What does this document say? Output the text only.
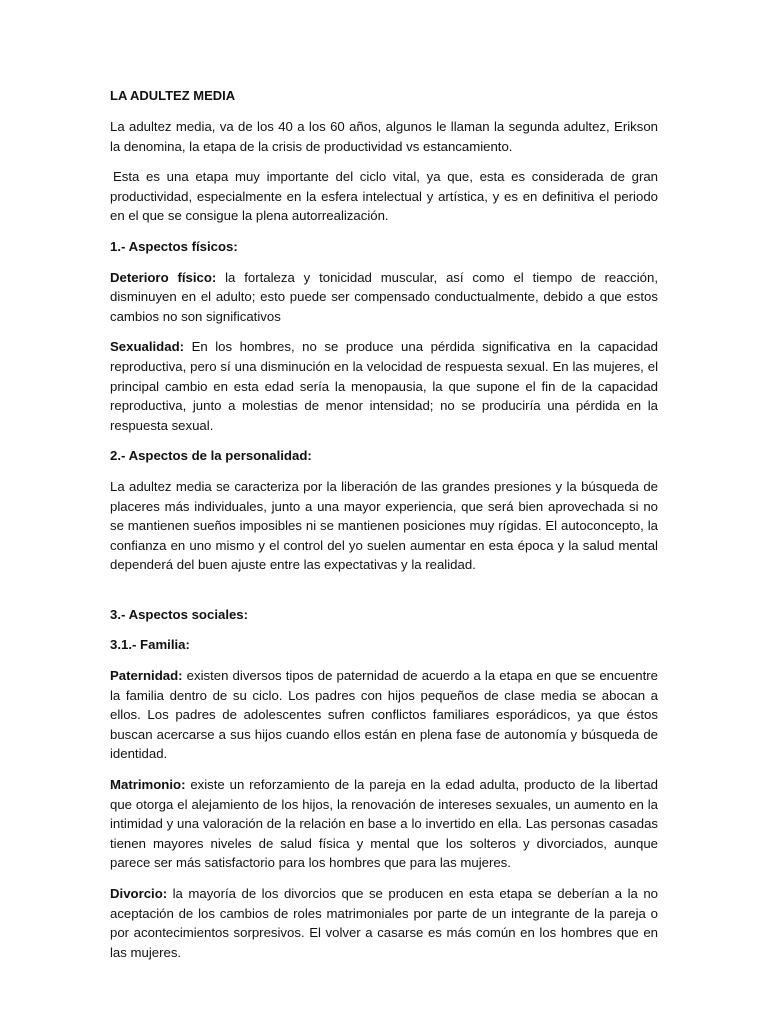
LA ADULTEZ MEDIA

La adultez media, va de los 40 a los 60 años, algunos le llaman la segunda adultez, Erikson la denomina, la etapa de la crisis de productividad vs estancamiento.

Esta es una etapa muy importante del ciclo vital, ya que, esta es considerada de gran productividad, especialmente en la esfera intelectual y artística, y es en definitiva el periodo en el que se consigue la plena autorrealización.

1.- Aspectos físicos:

Deterioro físico: la fortaleza y tonicidad muscular, así como el tiempo de reacción, disminuyen en el adulto; esto puede ser compensado conductualmente, debido a que estos cambios no son significativos

Sexualidad: En los hombres, no se produce una pérdida significativa en la capacidad reproductiva, pero sí una disminución en la velocidad de respuesta sexual. En las mujeres, el principal cambio en esta edad sería la menopausia, la que supone el fin de la capacidad reproductiva, junto a molestias de menor intensidad; no se produciría una pérdida en la respuesta sexual.

2.- Aspectos de la personalidad:

La adultez media se caracteriza por la liberación de las grandes presiones y la búsqueda de placeres más individuales, junto a una mayor experiencia, que será bien aprovechada si no se mantienen sueños imposibles ni se mantienen posiciones muy rígidas. El autoconcepto, la confianza en uno mismo y el control del yo suelen aumentar en esta época y la salud mental dependerá del buen ajuste entre las expectativas y la realidad.

3.- Aspectos sociales:
3.1.- Familia:

Paternidad: existen diversos tipos de paternidad de acuerdo a la etapa en que se encuentre la familia dentro de su ciclo. Los padres con hijos pequeños de clase media se abocan a ellos. Los padres de adolescentes sufren conflictos familiares esporádicos, ya que éstos buscan acercarse a sus hijos cuando ellos están en plena fase de autonomía y búsqueda de identidad.

Matrimonio: existe un reforzamiento de la pareja en la edad adulta, producto de la libertad que otorga el alejamiento de los hijos, la renovación de intereses sexuales, un aumento en la intimidad y una valoración de la relación en base a lo invertido en ella. Las personas casadas tienen mayores niveles de salud física y mental que los solteros y divorciados, aunque parece ser más satisfactorio para los hombres que para las mujeres.

Divorcio: la mayoría de los divorcios que se producen en esta etapa se deberían a la no aceptación de los cambios de roles matrimoniales por parte de un integrante de la pareja o por acontecimientos sorpresivos. El volver a casarse es más común en los hombres que en las mujeres.
